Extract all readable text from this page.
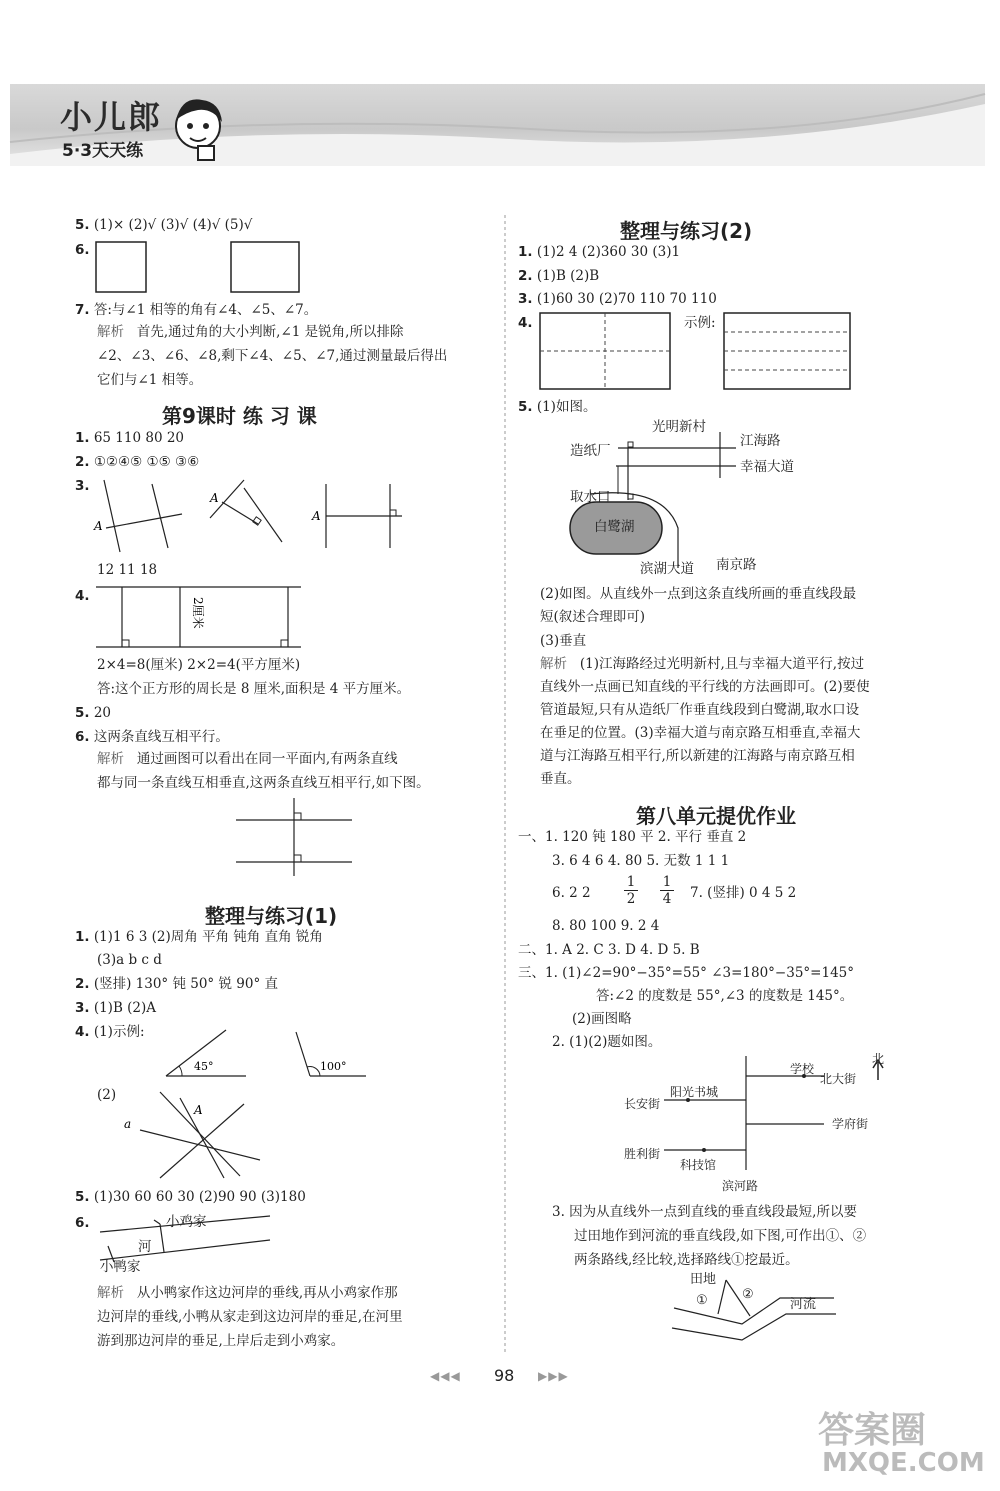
小儿郎
5·3天天练
5. (1)× (2)√ (3)√ (4)√ (5)√
6.
7. 答:与∠1 相等的角有∠4、∠5、∠7。
解析 首先,通过角的大小判断,∠1 是锐角,所以排除
∠2、∠3、∠6、∠8,剩下∠4、∠5、∠7,通过测量最后得出
它们与∠1 相等。
第9课时 练 习 课
1. 65 110 80 20
2. ①②④⑤ ①⑤ ③⑥
3.
A
A
A
12 11 18
4.
2厘米
2×4=8(厘米) 2×2=4(平方厘米)
答:这个正方形的周长是 8 厘米,面积是 4 平方厘米。
5. 20
6. 这两条直线互相平行。
解析 通过画图可以看出在同一平面内,有两条直线
都与同一条直线互相垂直,这两条直线互相平行,如下图。
整理与练习(1)
1. (1)1 6 3 (2)周角 平角 钝角 直角 锐角
(3)a b c d
2. (竖排) 130° 钝 50° 锐 90° 直
3. (1)B (2)A
4. (1)示例:
45°	100°
(2)
A
a
5. (1)30 60 60 30 (2)90 90 (3)180
6.	小鸡家
河
小鸭家
解析 从小鸭家作这边河岸的垂线,再从小鸡家作那
边河岸的垂线,小鸭从家走到这边河岸的垂足,在河里
游到那边河岸的垂足,上岸后走到小鸡家。
整理与练习(2)
1. (1)2 4 (2)360 30 (3)1
2. (1)B (2)B
3. (1)60 30 (2)70 110 70 110
4.	示例:
5. (1)如图。
光明新村
江海路
造纸厂
幸福大道
取水口
白鹭湖
滨湖大道 南京路
(2)如图。从直线外一点到这条直线所画的垂直线段最
短(叙述合理即可)
(3)垂直
解析 (1)江海路经过光明新村,且与幸福大道平行,按过
直线外一点画已知直线的平行线的方法画即可。(2)要使
管道最短,只有从造纸厂作垂直线段到白鹭湖,取水口设
在垂足的位置。(3)幸福大道与南京路互相垂直,幸福大
道与江海路互相平行,所以新建的江海路与南京路互相
垂直。
第八单元提优作业
一、1. 120 钝 180 平 2. 平行 垂直 2
3. 6 4 6 4. 80 5. 无数 1 1 1
6. 2 2
1
2
1
4 7. (竖排) 0 4 5 2
8. 80 100 9. 2 4
二、1. A 2. C 3. D 4. D 5. B
三、1. (1)∠2=90°−35°=55° ∠3=180°−35°=145°
答:∠2 的度数是 55°,∠3 的度数是 145°。
(2)画图略
2. (1)(2)题如图。
学校
北大街
北
阳光书城
长安街
学府街
胜利街
科技馆
滨河路
3. 因为从直线外一点到直线的垂直线段最短,所以要
过田地作到河流的垂直线段,如下图,可作出①、②
两条路线,经比较,选择路线①挖最近。
田地
①	②
河流
◀◀◀ 98 ▶▶▶
答案圈
MXQE.COM
